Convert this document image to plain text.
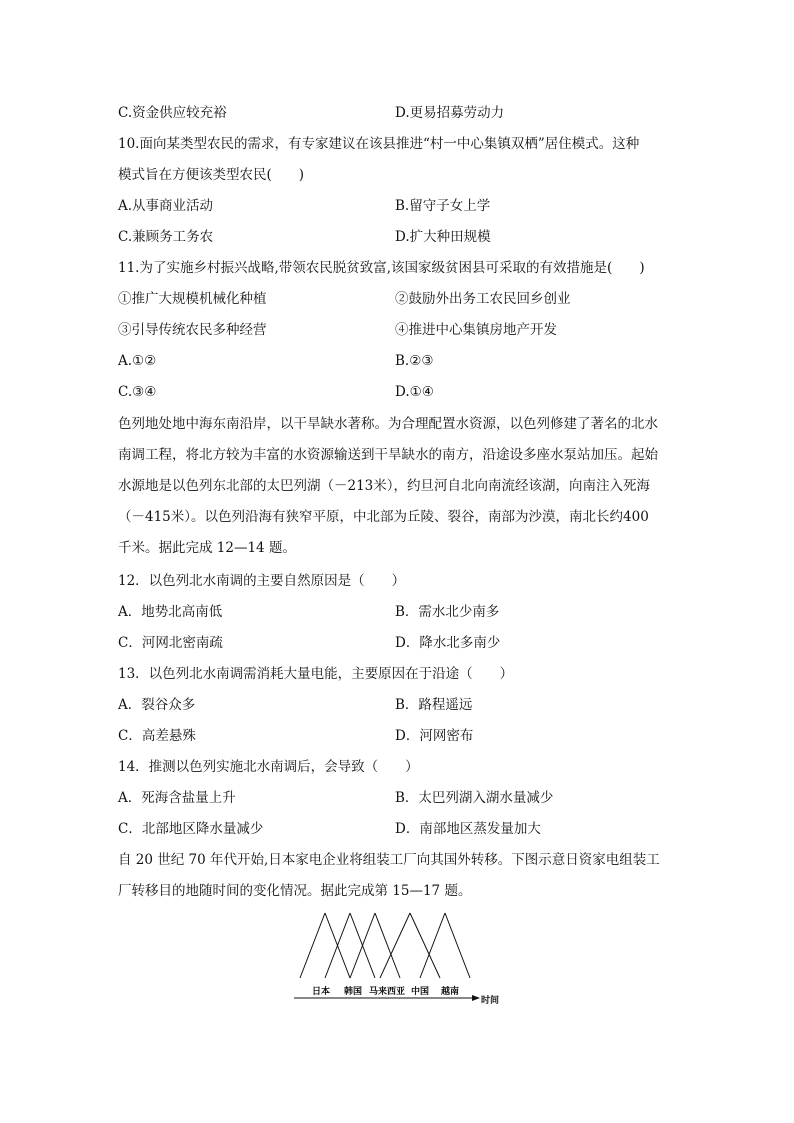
C.资金供应较充裕	D.更易招募劳动力
10.面向某类型农民的需求，有专家建议在该县推进“村一中心集镇双栖”居住模式。这种
模式旨在方便该类型农民(　　)
A.从事商业活动	B.留守子女上学
C.兼顾务工务农	D.扩大种田规模
11.为了实施乡村振兴战略,带领农民脱贫致富,该国家级贫困县可采取的有效措施是(　　)
①推广大规模机械化种植	②鼓励外出务工农民回乡创业
③引导传统农民多种经营	④推进中心集镇房地产开发
A.①②	B.②③
C.③④	D.①④
色列地处地中海东南沿岸，以干旱缺水著称。为合理配置水资源，以色列修建了著名的北水
南调工程，将北方较为丰富的水资源输送到干旱缺水的南方，沿途设多座水泵站加压。起始
水源地是以色列东北部的太巴列湖（－213米），约旦河自北向南流经该湖，向南注入死海
（－415米）。以色列沿海有狭窄平原，中北部为丘陵、裂谷，南部为沙漠，南北长约400
千米。据此完成 12—14 题。
12．以色列北水南调的主要自然原因是（　　）
A．地势北高南低	B．需水北少南多
C．河网北密南疏	D．降水北多南少
13．以色列北水南调需消耗大量电能，主要原因在于沿途（　　）
A．裂谷众多	B．路程遥远
C．高差悬殊	D．河网密布
14．推测以色列实施北水南调后，会导致（　　）
A．死海含盐量上升	B．太巴列湖入湖水量减少
C．北部地区降水量减少	D．南部地区蒸发量加大
自 20 世纪 70 年代开始,日本家电企业将组装工厂向其国外转移。下图示意日资家电组装工
厂转移目的地随时间的变化情况。据此完成第 15—17 题。
日本 韩国 马来西亚 中国 越南
时间
